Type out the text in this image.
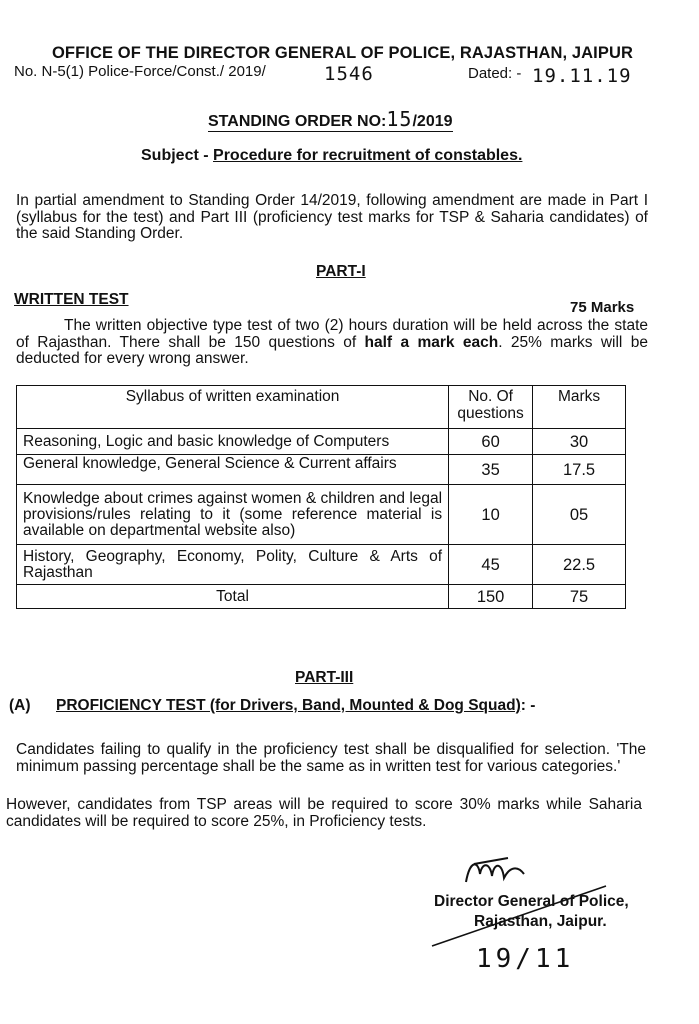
OFFICE OF THE DIRECTOR GENERAL OF POLICE, RAJASTHAN, JAIPUR
No. N-5(1) Police-Force/Const./ 2019/	1546	Dated: - 19.11.19
STANDING ORDER NO:15/2019
Subject - Procedure for recruitment of constables.
In partial amendment to Standing Order 14/2019, following amendment are made in Part I (syllabus for the test) and Part III (proficiency test marks for TSP & Saharia candidates) of the said Standing Order.
PART-I
WRITTEN TEST	75 Marks
The written objective type test of two (2) hours duration will be held across the state of Rajasthan. There shall be 150 questions of half a mark each. 25% marks will be deducted for every wrong answer.
Syllabus of written examination	No. Of questions	Marks
Reasoning, Logic and basic knowledge of Computers	60	30
General knowledge, General Science & Current affairs	35	17.5
Knowledge about crimes against women & children and legal provisions/rules relating to it (some reference material is available on departmental website also)	10	05

History, Geography, Economy, Polity, Culture & Arts of Rajasthan	45	22.5
Total	150	75
PART-III
(A) PROFICIENCY TEST (for Drivers, Band, Mounted & Dog Squad): -
Candidates failing to qualify in the proficiency test shall be disqualified for selection. 'The minimum passing percentage shall be the same as in written test for various categories.'
However, candidates from TSP areas will be required to score 30% marks while Saharia candidates will be required to score 25%, in Proficiency tests.
Director General of Police,
Rajasthan, Jaipur.
19/11
